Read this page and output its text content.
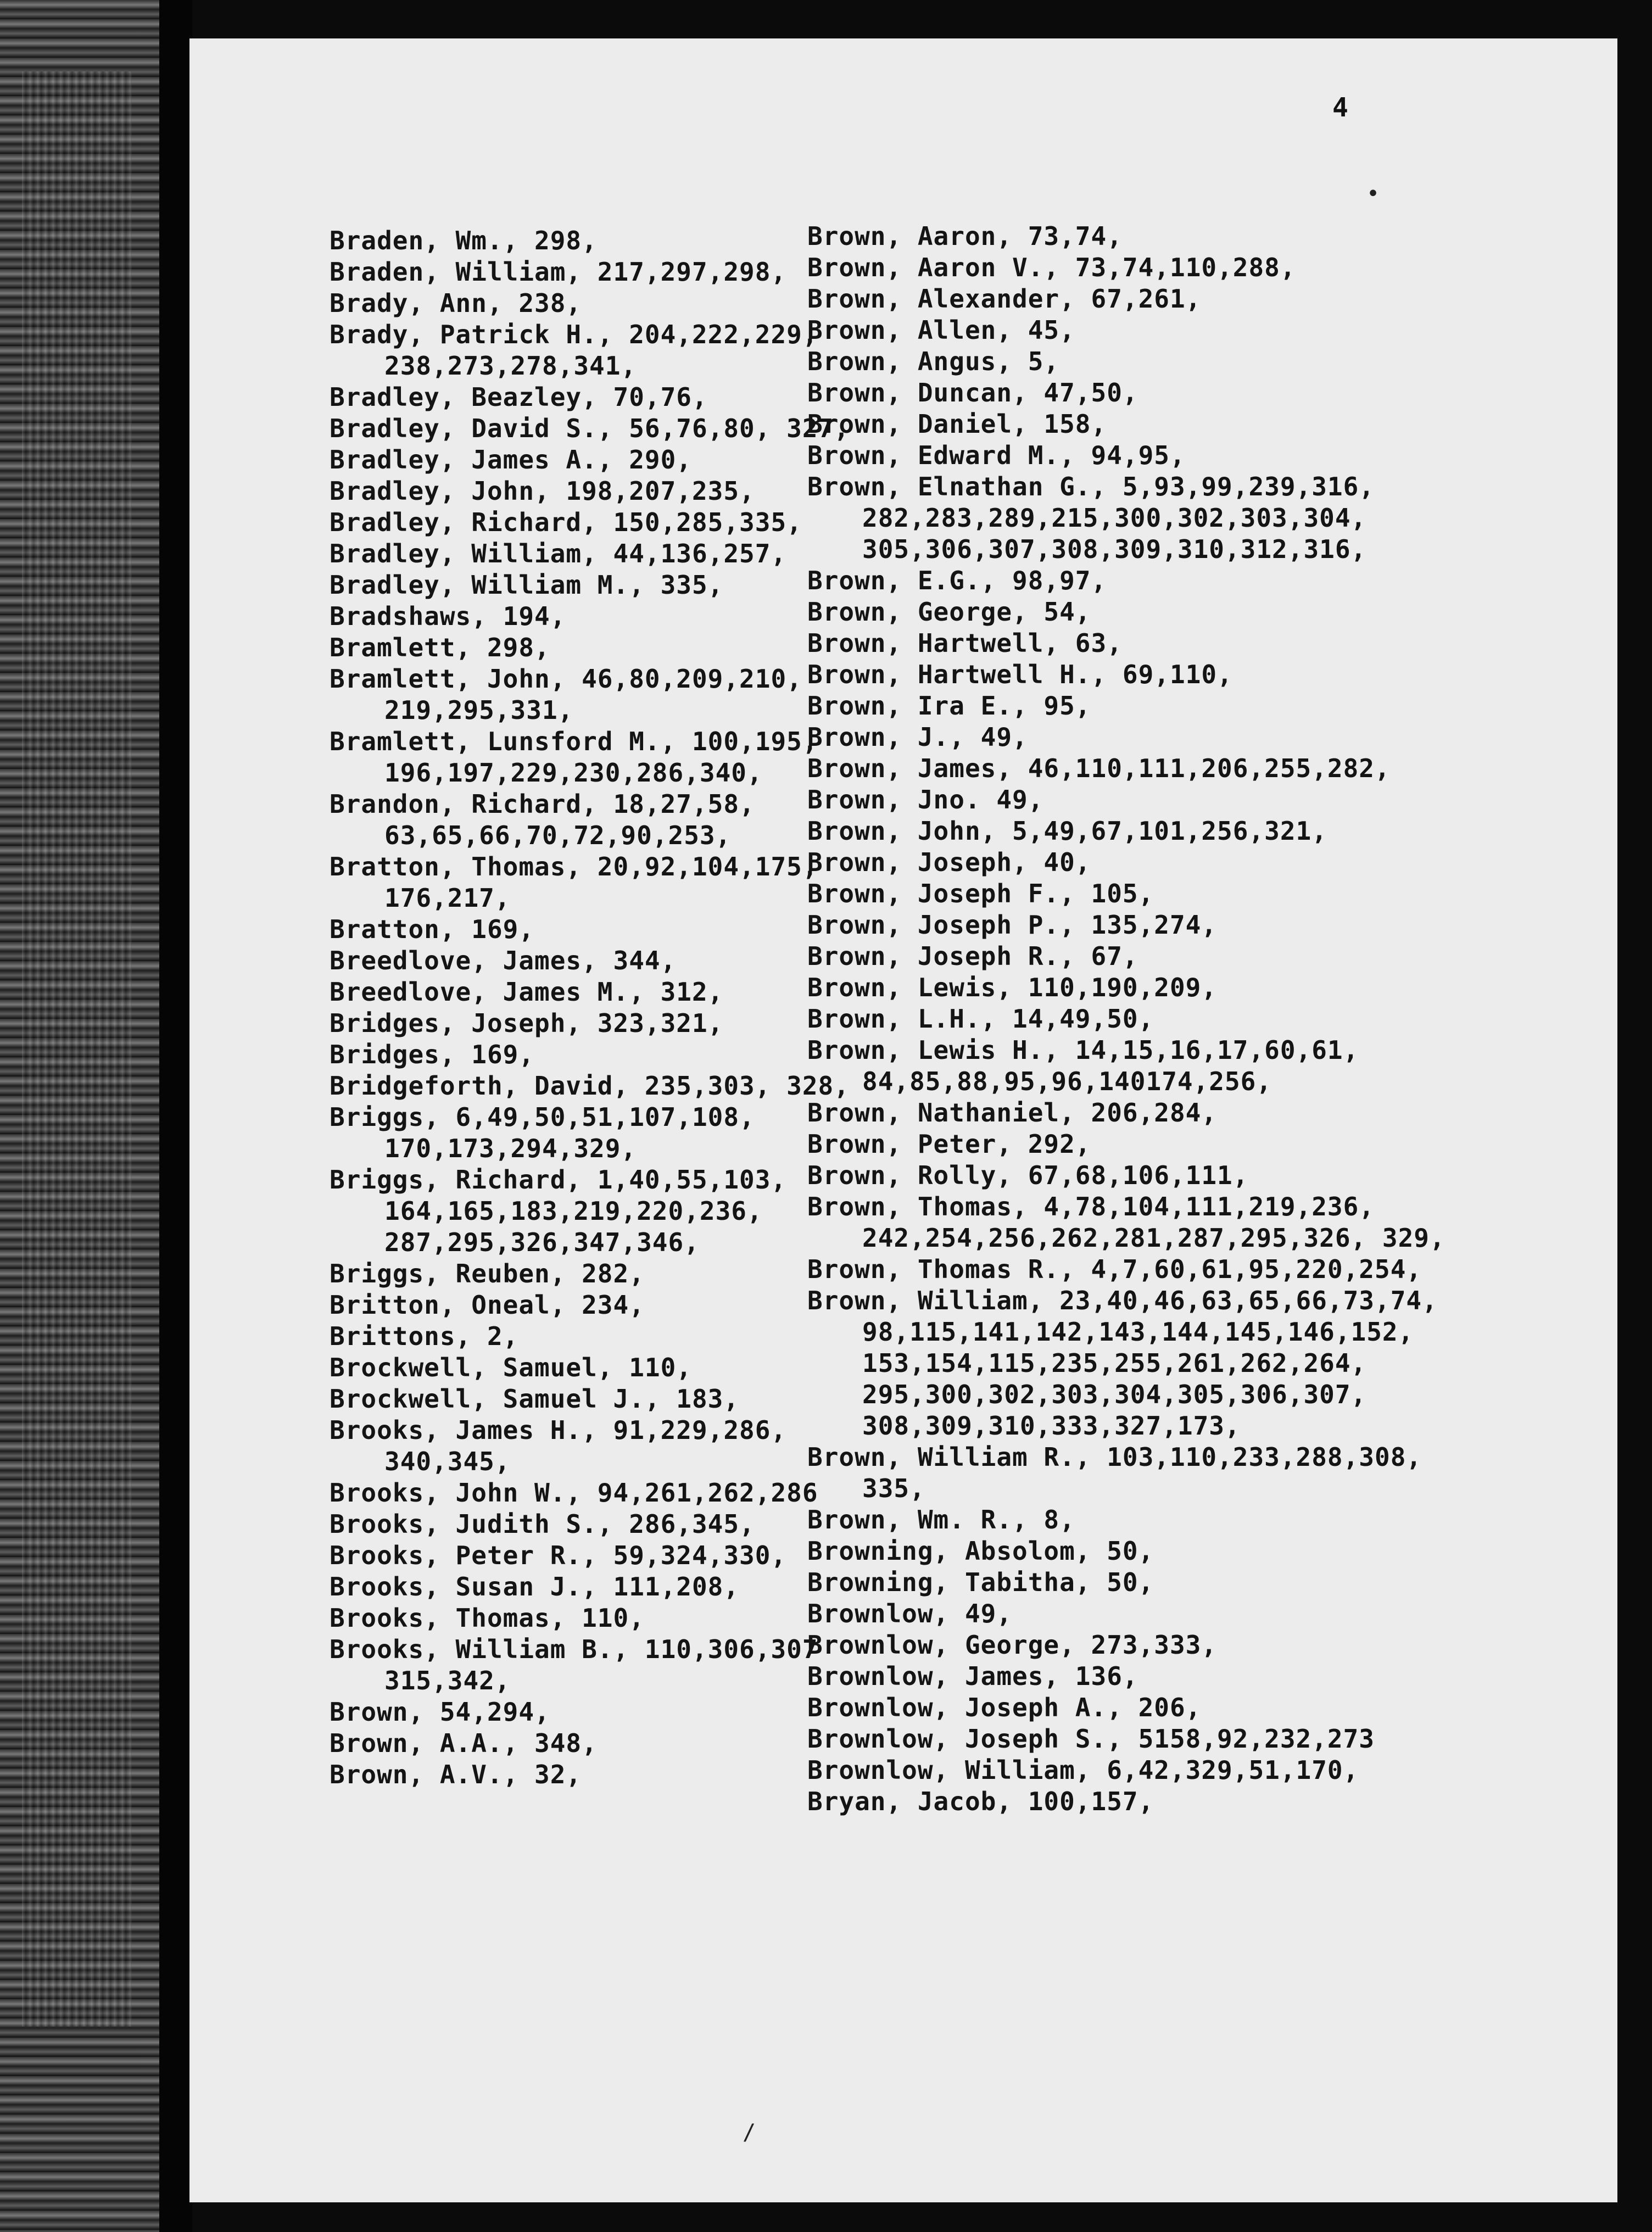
4
Braden, Wm., 298,
Braden, William, 217,297,298,
Brady, Ann, 238,
Brady, Patrick H., 204,222,229, 238,273,278,341,
Bradley, Beazley, 70,76,
Bradley, David S., 56,76,80, 327,
Bradley, James A., 290,
Bradley, John, 198,207,235,
Bradley, Richard, 150,285,335,
Bradley, William, 44,136,257,
Bradley, William M., 335,
Bradshaws, 194,
Bramlett, 298,
Bramlett, John, 46,80,209,210, 219,295,331,
Bramlett, Lunsford M., 100,195, 196,197,229,230,286,340,
Brandon, Richard, 18,27,58, 63,65,66,70,72,90,253,
Bratton, Thomas, 20,92,104,175, 176,217,
Bratton, 169,
Breedlove, James, 344,
Breedlove, James M., 312,
Bridges, Joseph, 323,321,
Bridges, 169,
Bridgeforth, David, 235,303, 328,
Briggs, 6,49,50,51,107,108, 170,173,294,329,
Briggs, Richard, 1,40,55,103, 164,165,183,219,220,236, 287,295,326,347,346,
Briggs, Reuben, 282,
Britton, Oneal, 234,
Brittons, 2,
Brockwell, Samuel, 110,
Brockwell, Samuel J., 183,
Brooks, James H., 91,229,286, 340,345,
Brooks, John W., 94,261,262,286
Brooks, Judith S., 286,345,
Brooks, Peter R., 59,324,330,
Brooks, Susan J., 111,208,
Brooks, Thomas, 110,
Brooks, William B., 110,306,307 315,342,
Brown, 54,294,
Brown, A.A., 348,
Brown, A.V., 32,
Brown, Aaron, 73,74,
Brown, Aaron V., 73,74,110,288,
Brown, Alexander, 67,261,
Brown, Allen, 45,
Brown, Angus, 5,
Brown, Duncan, 47,50,
Brown, Daniel, 158,
Brown, Edward M., 94,95,
Brown, Elnathan G., 5,93,99,239,316, 282,283,289,215,300,302,303,304, 305,306,307,308,309,310,312,316,
Brown, E.G., 98,97,
Brown, George, 54,
Brown, Hartwell, 63,
Brown, Hartwell H., 69,110,
Brown, Ira E., 95,
Brown, J., 49,
Brown, James, 46,110,111,206,255,282,
Brown, Jno. 49,
Brown, John, 5,49,67,101,256,321,
Brown, Joseph, 40,
Brown, Joseph F., 105,
Brown, Joseph P., 135,274,
Brown, Joseph R., 67,
Brown, Lewis, 110,190,209,
Brown, L.H., 14,49,50,
Brown, Lewis H., 14,15,16,17,60,61, 84,85,88,95,96,140174,256,
Brown, Nathaniel, 206,284,
Brown, Peter, 292,
Brown, Rolly, 67,68,106,111,
Brown, Thomas, 4,78,104,111,219,236, 242,254,256,262,281,287,295,326, 329,
Brown, Thomas R., 4,7,60,61,95,220,254,
Brown, William, 23,40,46,63,65,66,73,74, 98,115,141,142,143,144,145,146,152, 153,154,115,235,255,261,262,264, 295,300,302,303,304,305,306,307, 308,309,310,333,327,173,
Brown, William R., 103,110,233,288,308, 335,
Brown, Wm. R., 8,
Browning, Absolom, 50,
Browning, Tabitha, 50,
Brownlow, 49,
Brownlow, George, 273,333,
Brownlow, James, 136,
Brownlow, Joseph A., 206,
Brownlow, Joseph S., 5158,92,232,273
Brownlow, William, 6,42,329,51,170,
Bryan, Jacob, 100,157,
•
/
